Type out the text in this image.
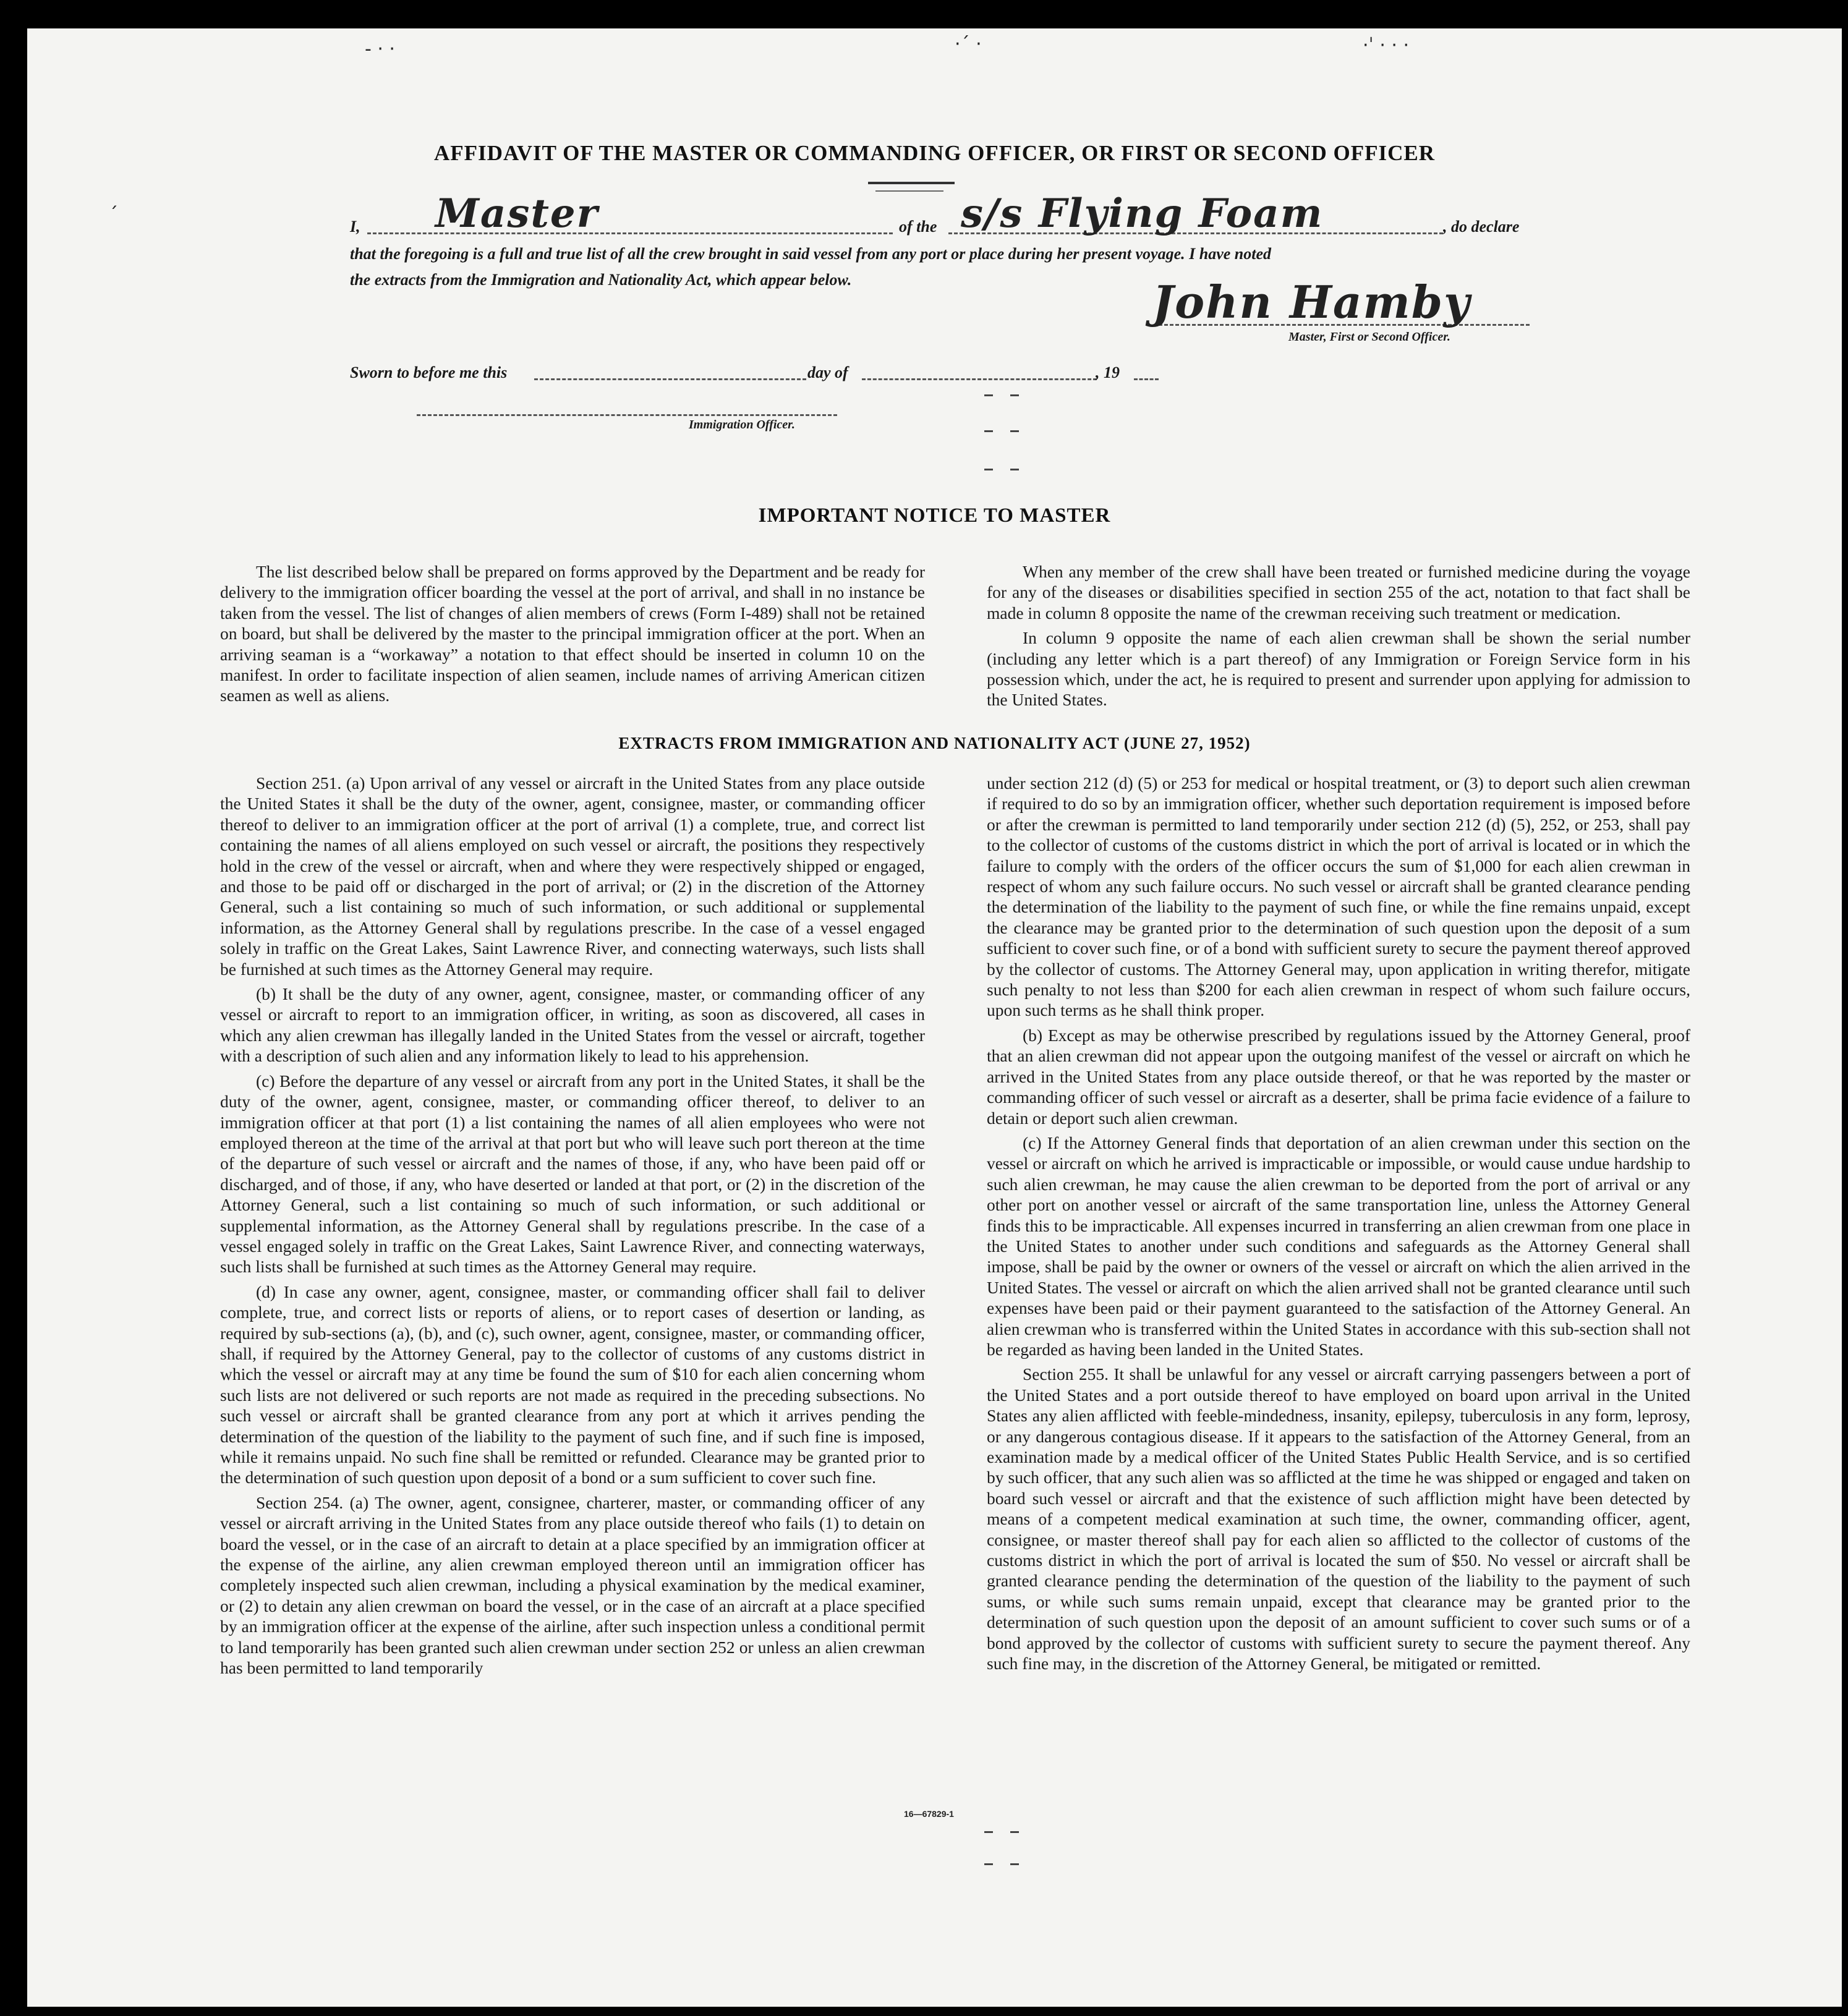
- · ·	·´ ·	·ˈ · · ·
ˏ
AFFIDAVIT OF THE MASTER OR COMMANDING OFFICER, OR FIRST OR SECOND OFFICER
I, Master	of the s/s Flying Foam	, do declare
that the foregoing is a full and true list of all the crew brought in said vessel from any port or place during her present voyage. I have noted
the extracts from the Immigration and Nationality Act, which appear below.	John Hamby
Master, First or Second Officer.
Sworn to before me this	day of	, 19
Immigration Officer.
IMPORTANT NOTICE TO MASTER

The list described below shall be prepared on forms approved by the Department and be ready for delivery to the immigration officer boarding the vessel at the port of arrival, and shall in no instance be taken from the vessel. The list of changes of alien members of crews (Form I-489) shall not be retained on board, but shall be delivered by the master to the principal immigration officer at the port. When an arriving seaman is a “workaway” a notation to that effect should be inserted in column 10 on the manifest. In order to facilitate inspection of alien seamen, include names of arriving American citizen seamen as well as aliens.

When any member of the crew shall have been treated or furnished medicine during the voyage for any of the diseases or disabilities specified in section 255 of the act, notation to that fact shall be made in column 8 opposite the name of the crewman receiving such treatment or medication.

In column 9 opposite the name of each alien crewman shall be shown the serial number (including any letter which is a part thereof) of any Immigration or Foreign Service form in his possession which, under the act, he is required to present and surrender upon applying for admission to the United States.

EXTRACTS FROM IMMIGRATION AND NATIONALITY ACT (JUNE 27, 1952)

Section 251. (a) Upon arrival of any vessel or aircraft in the United States from any place outside the United States it shall be the duty of the owner, agent, consignee, master, or commanding officer thereof to deliver to an immigration officer at the port of arrival (1) a complete, true, and correct list containing the names of all aliens employed on such vessel or aircraft, the positions they respectively hold in the crew of the vessel or aircraft, when and where they were respectively shipped or engaged, and those to be paid off or discharged in the port of arrival; or (2) in the discretion of the Attorney General, such a list containing so much of such information, or such additional or supplemental information, as the Attorney General shall by regulations prescribe. In the case of a vessel engaged solely in traffic on the Great Lakes, Saint Lawrence River, and connecting waterways, such lists shall be furnished at such times as the Attorney General may require.

(b) It shall be the duty of any owner, agent, consignee, master, or commanding officer of any vessel or aircraft to report to an immigration officer, in writing, as soon as discovered, all cases in which any alien crewman has illegally landed in the United States from the vessel or aircraft, together with a description of such alien and any information likely to lead to his apprehension.

(c) Before the departure of any vessel or aircraft from any port in the United States, it shall be the duty of the owner, agent, consignee, master, or commanding officer thereof, to deliver to an immigration officer at that port (1) a list containing the names of all alien employees who were not employed thereon at the time of the arrival at that port but who will leave such port thereon at the time of the departure of such vessel or aircraft and the names of those, if any, who have been paid off or discharged, and of those, if any, who have deserted or landed at that port, or (2) in the discretion of the Attorney General, such a list containing so much of such information, or such additional or supplemental information, as the Attorney General shall by regulations prescribe. In the case of a vessel engaged solely in traffic on the Great Lakes, Saint Lawrence River, and connecting waterways, such lists shall be furnished at such times as the Attorney General may require.

(d) In case any owner, agent, consignee, master, or commanding officer shall fail to deliver complete, true, and correct lists or reports of aliens, or to report cases of desertion or landing, as required by sub-sections (a), (b), and (c), such owner, agent, consignee, master, or commanding officer, shall, if required by the Attorney General, pay to the collector of customs of any customs district in which the vessel or aircraft may at any time be found the sum of $10 for each alien concerning whom such lists are not delivered or such reports are not made as required in the preceding subsections. No such vessel or aircraft shall be granted clearance from any port at which it arrives pending the determination of the question of the liability to the payment of such fine, and if such fine is imposed, while it remains unpaid. No such fine shall be remitted or refunded. Clearance may be granted prior to the determination of such question upon deposit of a bond or a sum sufficient to cover such fine.

Section 254. (a) The owner, agent, consignee, charterer, master, or commanding officer of any vessel or aircraft arriving in the United States from any place outside thereof who fails (1) to detain on board the vessel, or in the case of an aircraft to detain at a place specified by an immigration officer at the expense of the airline, any alien crewman employed thereon until an immigration officer has completely inspected such alien crewman, including a physical examination by the medical examiner, or (2) to detain any alien crewman on board the vessel, or in the case of an aircraft at a place specified by an immigration officer at the expense of the airline, after such inspection unless a conditional permit to land temporarily has been granted such alien crewman under section 252 or unless an alien crewman has been permitted to land temporarily

under section 212 (d) (5) or 253 for medical or hospital treatment, or (3) to deport such alien crewman if required to do so by an immigration officer, whether such deportation requirement is imposed before or after the crewman is permitted to land temporarily under section 212 (d) (5), 252, or 253, shall pay to the collector of customs of the customs district in which the port of arrival is located or in which the failure to comply with the orders of the officer occurs the sum of $1,000 for each alien crewman in respect of whom any such failure occurs. No such vessel or aircraft shall be granted clearance pending the determination of the liability to the payment of such fine, or while the fine remains unpaid, except the clearance may be granted prior to the determination of such question upon the deposit of a sum sufficient to cover such fine, or of a bond with sufficient surety to secure the payment thereof approved by the collector of customs. The Attorney General may, upon application in writing therefor, mitigate such penalty to not less than $200 for each alien crewman in respect of whom such failure occurs, upon such terms as he shall think proper.

(b) Except as may be otherwise prescribed by regulations issued by the Attorney General, proof that an alien crewman did not appear upon the outgoing manifest of the vessel or aircraft on which he arrived in the United States from any place outside thereof, or that he was reported by the master or commanding officer of such vessel or aircraft as a deserter, shall be prima facie evidence of a failure to detain or deport such alien crewman.

(c) If the Attorney General finds that deportation of an alien crewman under this section on the vessel or aircraft on which he arrived is impracticable or impossible, or would cause undue hardship to such alien crewman, he may cause the alien crewman to be deported from the port of arrival or any other port on another vessel or aircraft of the same transportation line, unless the Attorney General finds this to be impracticable. All expenses incurred in transferring an alien crewman from one place in the United States to another under such conditions and safeguards as the Attorney General shall impose, shall be paid by the owner or owners of the vessel or aircraft on which the alien arrived in the United States. The vessel or aircraft on which the alien arrived shall not be granted clearance until such expenses have been paid or their payment guaranteed to the satisfaction of the Attorney General. An alien crewman who is transferred within the United States in accordance with this sub-section shall not be regarded as having been landed in the United States.

Section 255. It shall be unlawful for any vessel or aircraft carrying passengers between a port of the United States and a port outside thereof to have employed on board upon arrival in the United States any alien afflicted with feeble-mindedness, insanity, epilepsy, tuberculosis in any form, leprosy, or any dangerous contagious disease. If it appears to the satisfaction of the Attorney General, from an examination made by a medical officer of the United States Public Health Service, and is so certified by such officer, that any such alien was so afflicted at the time he was shipped or engaged and taken on board such vessel or aircraft and that the existence of such affliction might have been detected by means of a competent medical examination at such time, the owner, commanding officer, agent, consignee, or master thereof shall pay for each alien so afflicted to the collector of customs of the customs district in which the port of arrival is located the sum of $50. No vessel or aircraft shall be granted clearance pending the determination of the question of the liability to the payment of such sums, or while such sums remain unpaid, except that clearance may be granted prior to the determination of such question upon the deposit of an amount sufficient to cover such sums or of a bond approved by the collector of customs with sufficient surety to secure the payment thereof. Any such fine may, in the discretion of the Attorney General, be mitigated or remitted.

16—67829-1
